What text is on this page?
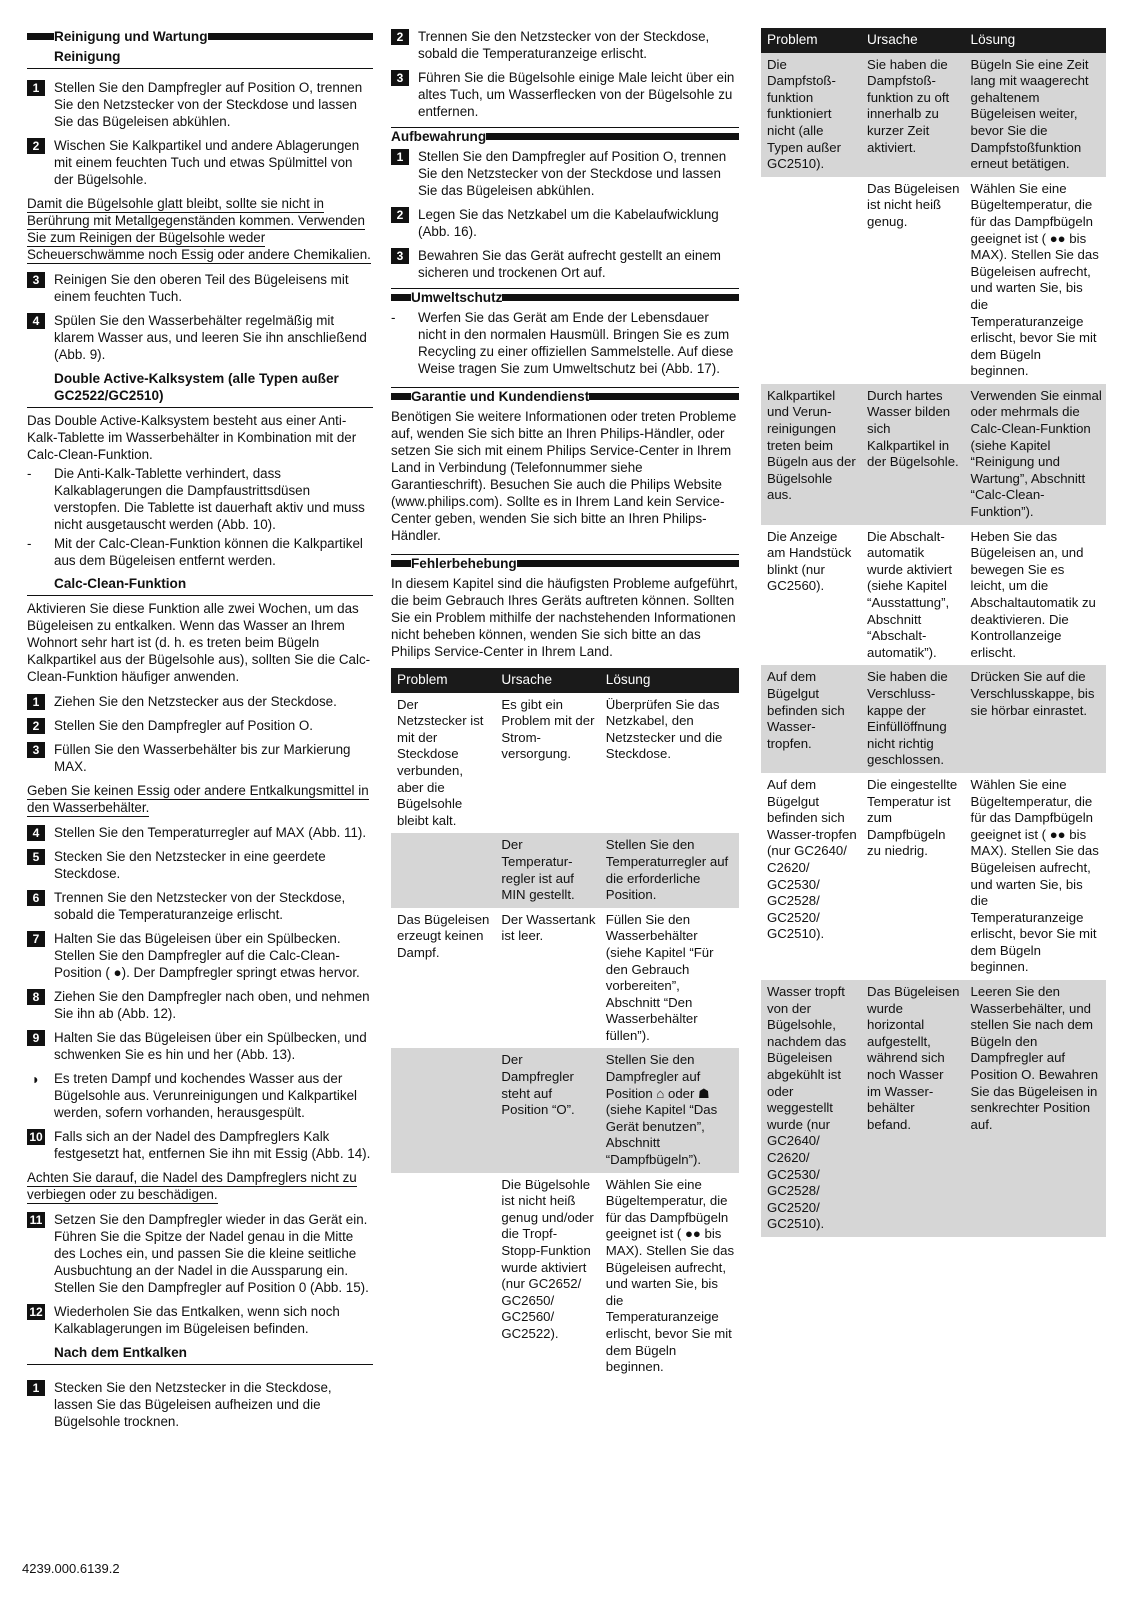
Reinigung und Wartung
Reinigung
1	Stellen Sie den Dampfregler auf Position O, trennen Sie den Netzstecker von der Steckdose und lassen Sie das Bügeleisen abkühlen.
2	Wischen Sie Kalkpartikel und andere Ablagerungen mit einem feuchten Tuch und etwas Spülmittel von der Bügelsohle.
Damit die Bügelsohle glatt bleibt, sollte sie nicht in Berührung mit Metallgegenständen kommen. Verwenden Sie zum Reinigen der Bügelsohle weder Scheuerschwämme noch Essig oder andere Chemikalien.
3	Reinigen Sie den oberen Teil des Bügeleisens mit einem feuchten Tuch.
4	Spülen Sie den Wasserbehälter regelmäßig mit klarem Wasser aus, und leeren Sie ihn anschließend (Abb. 9).
Double Active-Kalksystem (alle Typen außer GC2522/GC2510)
Das Double Active-Kalksystem besteht aus einer Anti-Kalk-Tablette im Wasserbehälter in Kombination mit der Calc-Clean-Funktion.
-	Die Anti-Kalk-Tablette verhindert, dass Kalkablagerungen die Dampfaustrittsdüsen verstopfen. Die Tablette ist dauerhaft aktiv und muss nicht ausgetauscht werden (Abb. 10).
-	Mit der Calc-Clean-Funktion können die Kalkpartikel aus dem Bügeleisen entfernt werden.
Calc-Clean-Funktion
Aktivieren Sie diese Funktion alle zwei Wochen, um das Bügeleisen zu entkalken. Wenn das Wasser an Ihrem Wohnort sehr hart ist (d. h. es treten beim Bügeln Kalkpartikel aus der Bügelsohle aus), sollten Sie die Calc-Clean-Funktion häufiger anwenden.
1	Ziehen Sie den Netzstecker aus der Steckdose.
2	Stellen Sie den Dampfregler auf Position O.
3	Füllen Sie den Wasserbehälter bis zur Markierung MAX.
Geben Sie keinen Essig oder andere Entkalkungsmittel in den Wasserbehälter.
4	Stellen Sie den Temperaturregler auf MAX (Abb. 11).
5	Stecken Sie den Netzstecker in eine geerdete Steckdose.
6	Trennen Sie den Netzstecker von der Steckdose, sobald die Temperaturanzeige erlischt.
7	Halten Sie das Bügeleisen über ein Spülbecken. Stellen Sie den Dampfregler auf die Calc-Clean-Position ( ●). Der Dampfregler springt etwas hervor.
8	Ziehen Sie den Dampfregler nach oben, und nehmen Sie ihn ab (Abb. 12).
9	Halten Sie das Bügeleisen über ein Spülbecken, und schwenken Sie es hin und her (Abb. 13).
◗	Es treten Dampf und kochendes Wasser aus der Bügelsohle aus. Verunreinigungen und Kalkpartikel werden, sofern vorhanden, herausgespült.
10 Falls sich an der Nadel des Dampfreglers Kalk festgesetzt hat, entfernen Sie ihn mit Essig (Abb. 14).
Achten Sie darauf, die Nadel des Dampfreglers nicht zu verbiegen oder zu beschädigen.
11 Setzen Sie den Dampfregler wieder in das Gerät ein. Führen Sie die Spitze der Nadel genau in die Mitte des Loches ein, und passen Sie die kleine seitliche Ausbuchtung an der Nadel in die Aussparung ein. Stellen Sie den Dampfregler auf Position 0 (Abb. 15).
12 Wiederholen Sie das Entkalken, wenn sich noch Kalkablagerungen im Bügeleisen befinden.
Nach dem Entkalken
1	Stecken Sie den Netzstecker in die Steckdose, lassen Sie das Bügeleisen aufheizen und die Bügelsohle trocknen.
2	Trennen Sie den Netzstecker von der Steckdose, sobald die Temperaturanzeige erlischt.
3	Führen Sie die Bügelsohle einige Male leicht über ein altes Tuch, um Wasserflecken von der Bügelsohle zu entfernen.
Aufbewahrung
1	Stellen Sie den Dampfregler auf Position O, trennen Sie den Netzstecker von der Steckdose und lassen Sie das Bügeleisen abkühlen.
2	Legen Sie das Netzkabel um die Kabelaufwicklung (Abb. 16).
3	Bewahren Sie das Gerät aufrecht gestellt an einem sicheren und trockenen Ort auf.
Umweltschutz
-	Werfen Sie das Gerät am Ende der Lebensdauer nicht in den normalen Hausmüll. Bringen Sie es zum Recycling zu einer offiziellen Sammelstelle. Auf diese Weise tragen Sie zum Umweltschutz bei (Abb. 17).
Garantie und Kundendienst
Benötigen Sie weitere Informationen oder treten Probleme auf, wenden Sie sich bitte an Ihren Philips-Händler, oder setzen Sie sich mit einem Philips Service-Center in Ihrem Land in Verbindung (Telefonnummer siehe Garantieschrift). Besuchen Sie auch die Philips Website (www.philips.com). Sollte es in Ihrem Land kein Service-Center geben, wenden Sie sich bitte an Ihren Philips-Händler.
Fehlerbehebung
In diesem Kapitel sind die häufigsten Probleme aufgeführt, die beim Gebrauch Ihres Geräts auftreten können. Sollten Sie ein Problem mithilfe der nachstehenden Informationen nicht beheben können, wenden Sie sich bitte an das Philips Service-Center in Ihrem Land.
Problem	Ursache	Lösung
Der Netzstecker ist mit der Steckdose verbunden, aber die Bügelsohle bleibt kalt.	Es gibt ein Problem mit der Strom-versorgung.	Überprüfen Sie das Netzkabel, den Netzstecker und die Steckdose.
	Der Temperatur-regler ist auf MIN gestellt.	Stellen Sie den Temperaturregler auf die erforderliche Position.
Das Bügeleisen erzeugt keinen Dampf.	Der Wassertank ist leer.	Füllen Sie den Wasserbehälter (siehe Kapitel “Für den Gebrauch vorbereiten”, Abschnitt “Den Wasserbehälter füllen”).
	Der Dampfregler steht auf Position “O”.	Stellen Sie den Dampfregler auf Position ⌂ oder ☗ (siehe Kapitel “Das Gerät benutzen”, Abschnitt “Dampfbügeln”).
	Die Bügelsohle ist nicht heiß genug und/oder die Tropf-Stopp-Funktion wurde aktiviert (nur GC2652/ GC2650/ GC2560/ GC2522).	Wählen Sie eine Bügeltemperatur, die für das Dampfbügeln geeignet ist ( ●● bis MAX). Stellen Sie das Bügeleisen aufrecht, und warten Sie, bis die Temperaturanzeige erlischt, bevor Sie mit dem Bügeln beginnen.
Problem	Ursache	Lösung
Die Dampfstoß-funktion funktioniert nicht (alle Typen außer GC2510).	Sie haben die Dampfstoß-funktion zu oft innerhalb zu kurzer Zeit aktiviert.	Bügeln Sie eine Zeit lang mit waagerecht gehaltenem Bügeleisen weiter, bevor Sie die Dampfstoßfunktion erneut betätigen.
	Das Bügeleisen ist nicht heiß genug.	Wählen Sie eine Bügeltemperatur, die für das Dampfbügeln geeignet ist ( ●● bis MAX). Stellen Sie das Bügeleisen aufrecht, und warten Sie, bis die Temperaturanzeige erlischt, bevor Sie mit dem Bügeln beginnen.
Kalkpartikel und Verun-reinigungen treten beim Bügeln aus der Bügelsohle aus.	Durch hartes Wasser bilden sich Kalkpartikel in der Bügelsohle.	Verwenden Sie einmal oder mehrmals die Calc-Clean-Funktion (siehe Kapitel “Reinigung und Wartung”, Abschnitt “Calc-Clean-Funktion”).
Die Anzeige am Handstück blinkt (nur GC2560).	Die Abschalt-automatik wurde aktiviert (siehe Kapitel “Ausstattung”, Abschnitt “Abschalt-automatik”).	Heben Sie das Bügeleisen an, und bewegen Sie es leicht, um die Abschaltautomatik zu deaktivieren. Die Kontrollanzeige erlischt.
Auf dem Bügelgut befinden sich Wasser-tropfen.	Sie haben die Verschluss-kappe der Einfüllöffnung nicht richtig geschlossen.	Drücken Sie auf die Verschlusskappe, bis sie hörbar einrastet.
Auf dem Bügelgut befinden sich Wasser-tropfen (nur GC2640/ C2620/ GC2530/ GC2528/ GC2520/ GC2510).	Die eingestellte Temperatur ist zum Dampfbügeln zu niedrig.	Wählen Sie eine Bügeltemperatur, die für das Dampfbügeln geeignet ist ( ●● bis MAX). Stellen Sie das Bügeleisen aufrecht, und warten Sie, bis die Temperaturanzeige erlischt, bevor Sie mit dem Bügeln beginnen.
Wasser tropft von der Bügelsohle, nachdem das Bügeleisen abgekühlt ist oder weggestellt wurde (nur GC2640/ C2620/ GC2530/ GC2528/ GC2520/ GC2510).	Das Bügeleisen wurde horizontal aufgestellt, während sich noch Wasser im Wasser-behälter befand.	Leeren Sie den Wasserbehälter, und stellen Sie nach dem Bügeln den Dampfregler auf Position O. Bewahren Sie das Bügeleisen in senkrechter Position auf.
4239.000.6139.2
